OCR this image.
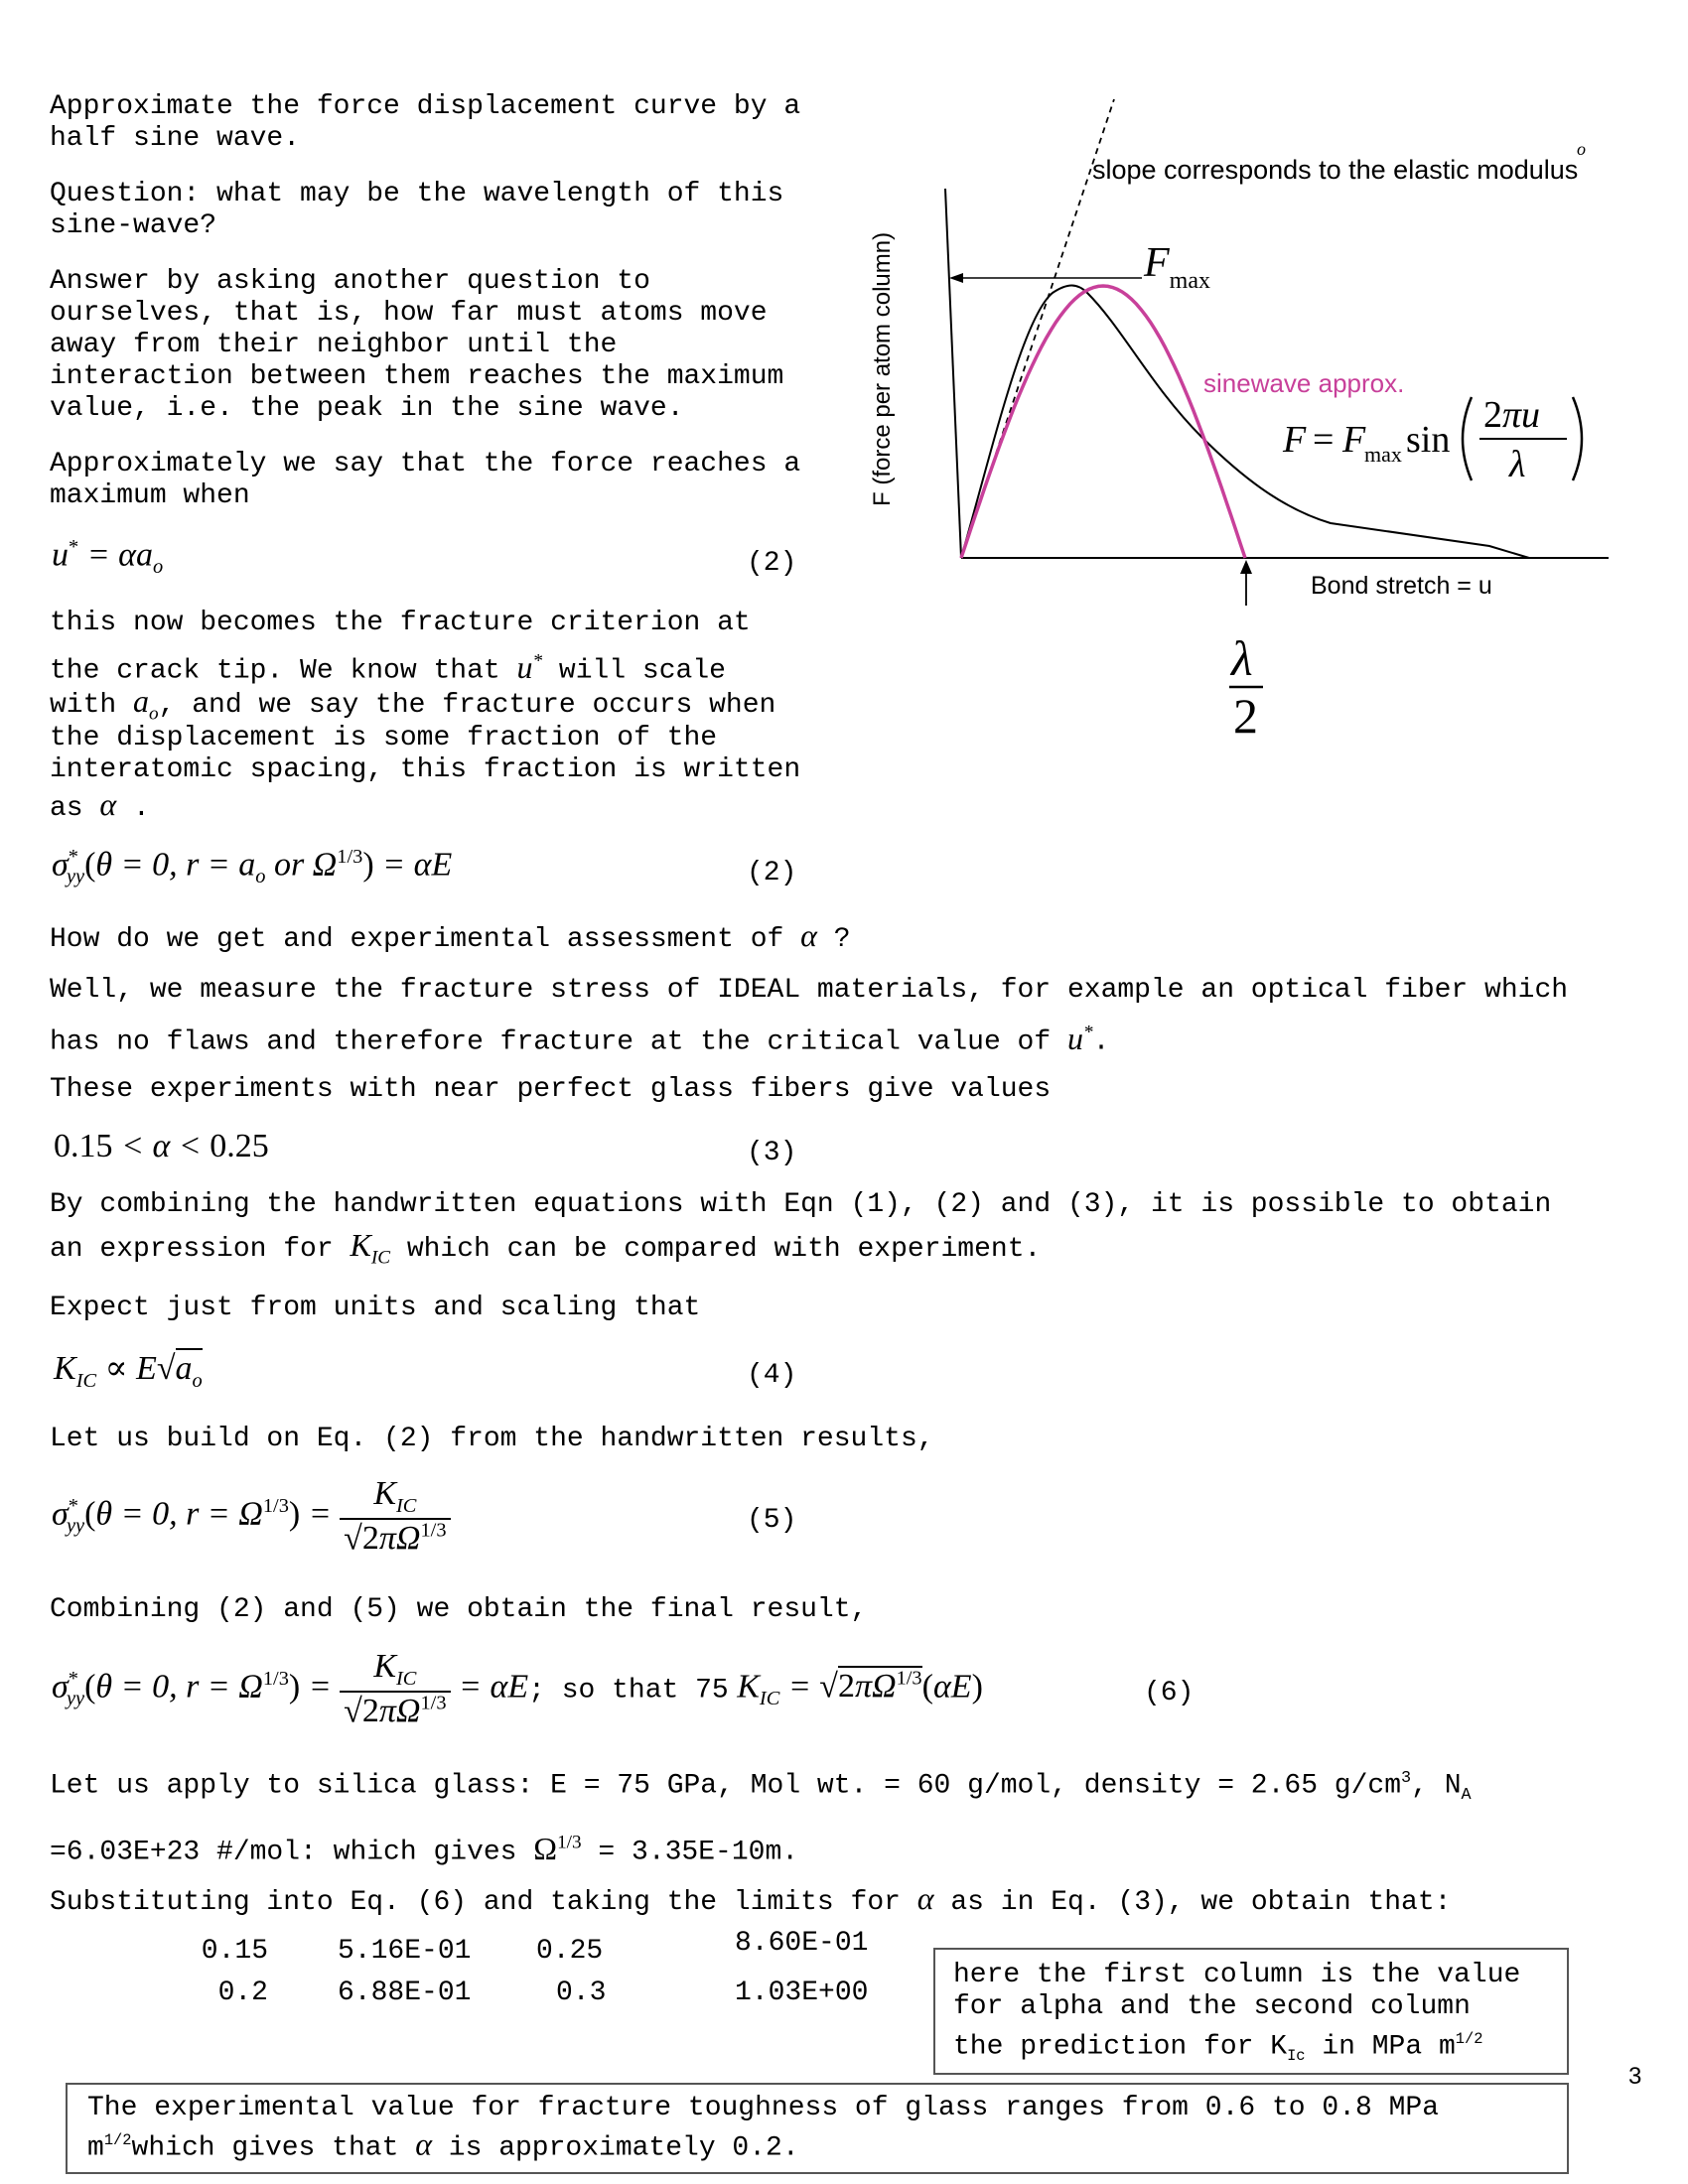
Approximate the force displacement curve by a
half sine wave.
Question: what may be the wavelength of this
sine-wave?
Answer by asking another question to
ourselves, that is, how far must atoms move
away from their neighbor until the
interaction between them reaches the maximum
value, i.e. the peak in the sine wave.
Approximately we say that the force reaches a
maximum when
$u^* = \alpha a_o$	(2)
this now becomes the fracture criterion at
the crack tip. We know that u* will scale
with $a_o$, and we say the fracture occurs when
the displacement is some fraction of the
interatomic spacing, this fraction is written
as α .
$\sigma^*_{yy}(\theta = 0$, $r = a_o$ or $\Omega^{1/3}) = \alpha E$	(2)
How do we get and experimental assessment of α ?
Well, we measure the fracture stress of IDEAL materials, for example an optical fiber which
has no flaws and therefore fracture at the critical value of u*.
These experiments with near perfect glass fibers give values
0.15 < α < 0.25	(3)
By combining the handwritten equations with Eqn (1), (2) and (3), it is possible to obtain
an expression for $K_{IC}$ which can be compared with experiment.
Expect just from units and scaling that
$K_{IC} \propto E√a_o$	(4)
Let us build on Eq. (2) from the handwritten results,
$\sigma^*_{yy}(\theta = 0$, $r = \Omega^{1/3}) = \frac{K_{IC}}{√2\pi\Omega^{1/3}}$	(5)
Combining (2) and (5) we obtain the final result,
$\sigma^*_{yy}(\theta = 0$, $r = \Omega^{1/3}) = \frac{K_{IC}}{√2\pi\Omega^{1/3}} = \alpha E$; so that 75 $K_{IC} = √2\pi\Omega^{1/3}(\alpha E)$	(6)
Let us apply to silica glass: E = 75 GPa, Mol wt. = 60 g/mol, density = 2.65 $g/cm^3$, $N_A$
=6.03E+23 #/mol: which gives $\Omega^{1/3} = 3.35E-10m$.
Substituting into Eq. (6) and taking the limits for α as in Eq. (3), we obtain that:
0.15	5.16E-01 0.25	8.60E-01
0.2	6.88E-01	0.3	1.03E+00
here the first column is the value
for alpha and the second column
the prediction for $K_{Ic}$ in MPa $m^{1/2}$
3
The experimental value for fracture toughness of glass ranges from 0.6 to 0.8 MPa
$m^{1/2}which$ gives that α is approximately 0.2.
slope corresponds to the elastic modulus
o
F (force per atom column)	$F_{max}$
sinewave approx.
F = F
max sin
2πu
λ
Bond stretch = u
λ
2
